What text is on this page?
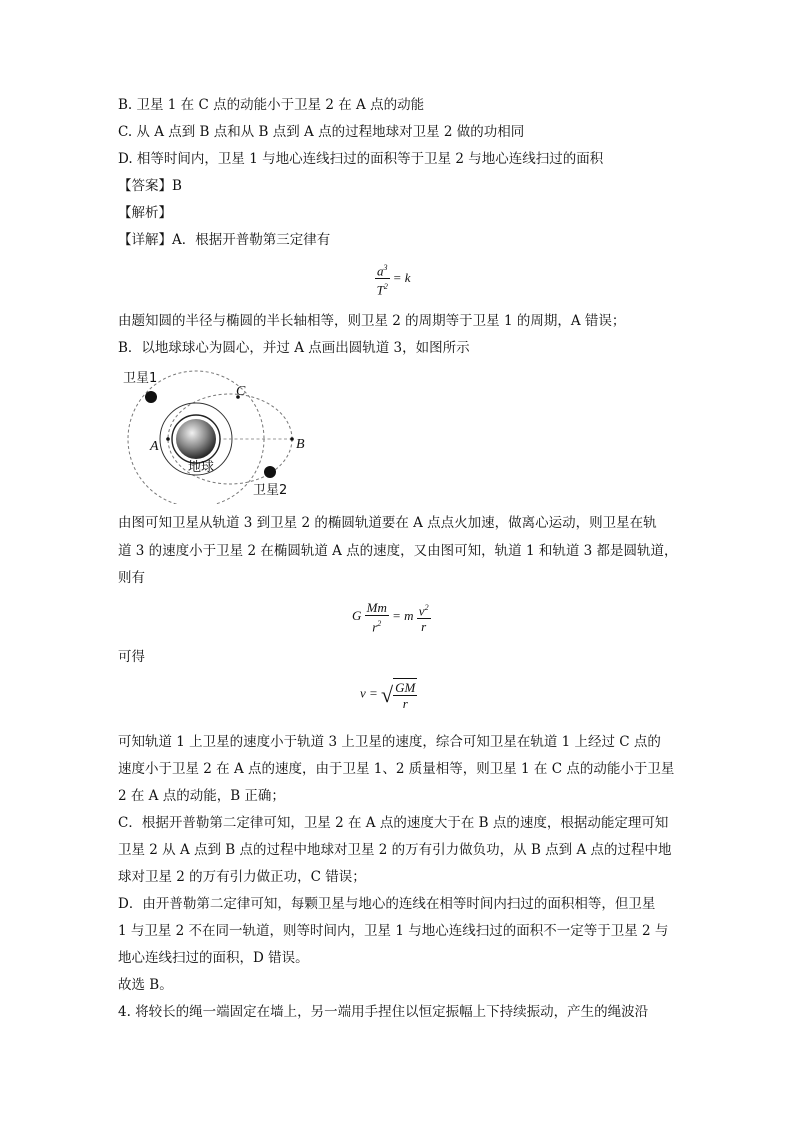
B. 卫星 1 在 C 点的动能小于卫星 2 在 A 点的动能
C. 从 A 点到 B 点和从 B 点到 A 点的过程地球对卫星 2 做的功相同
D. 相等时间内，卫星 1 与地心连线扫过的面积等于卫星 2 与地心连线扫过的面积
【答案】B
【解析】
【详解】A．根据开普勒第三定律有
$\frac{a^3}{T^2} = k$
由题知圆的半径与椭圆的半长轴相等，则卫星 2 的周期等于卫星 1 的周期，A 错误；
B．以地球球心为圆心，并过 A 点画出圆轨道 3，如图所示
卫星1
卫星2
地球
A	B
C
由图可知卫星从轨道 3 到卫星 2 的椭圆轨道要在 A 点点火加速，做离心运动，则卫星在轨
道 3 的速度小于卫星 2 在椭圆轨道 A 点的速度，又由图可知，轨道 1 和轨道 3 都是圆轨道，
则有
G $\frac{Mm}{r^2} = m \frac{v^2}{r}$
可得
v = √ $\frac{GM}{r}$
可知轨道 1 上卫星的速度小于轨道 3 上卫星的速度，综合可知卫星在轨道 1 上经过 C 点的
速度小于卫星 2 在 A 点的速度，由于卫星 1、2 质量相等，则卫星 1 在 C 点的动能小于卫星
2 在 A 点的动能，B 正确；
C．根据开普勒第二定律可知，卫星 2 在 A 点的速度大于在 B 点的速度，根据动能定理可知
卫星 2 从 A 点到 B 点的过程中地球对卫星 2 的万有引力做负功，从 B 点到 A 点的过程中地
球对卫星 2 的万有引力做正功，C 错误；
D．由开普勒第二定律可知，每颗卫星与地心的连线在相等时间内扫过的面积相等，但卫星
1 与卫星 2 不在同一轨道，则等时间内，卫星 1 与地心连线扫过的面积不一定等于卫星 2 与
地心连线扫过的面积，D 错误。
故选 B。
4. 将较长的绳一端固定在墙上，另一端用手捏住以恒定振幅上下持续振动，产生的绳波沿
